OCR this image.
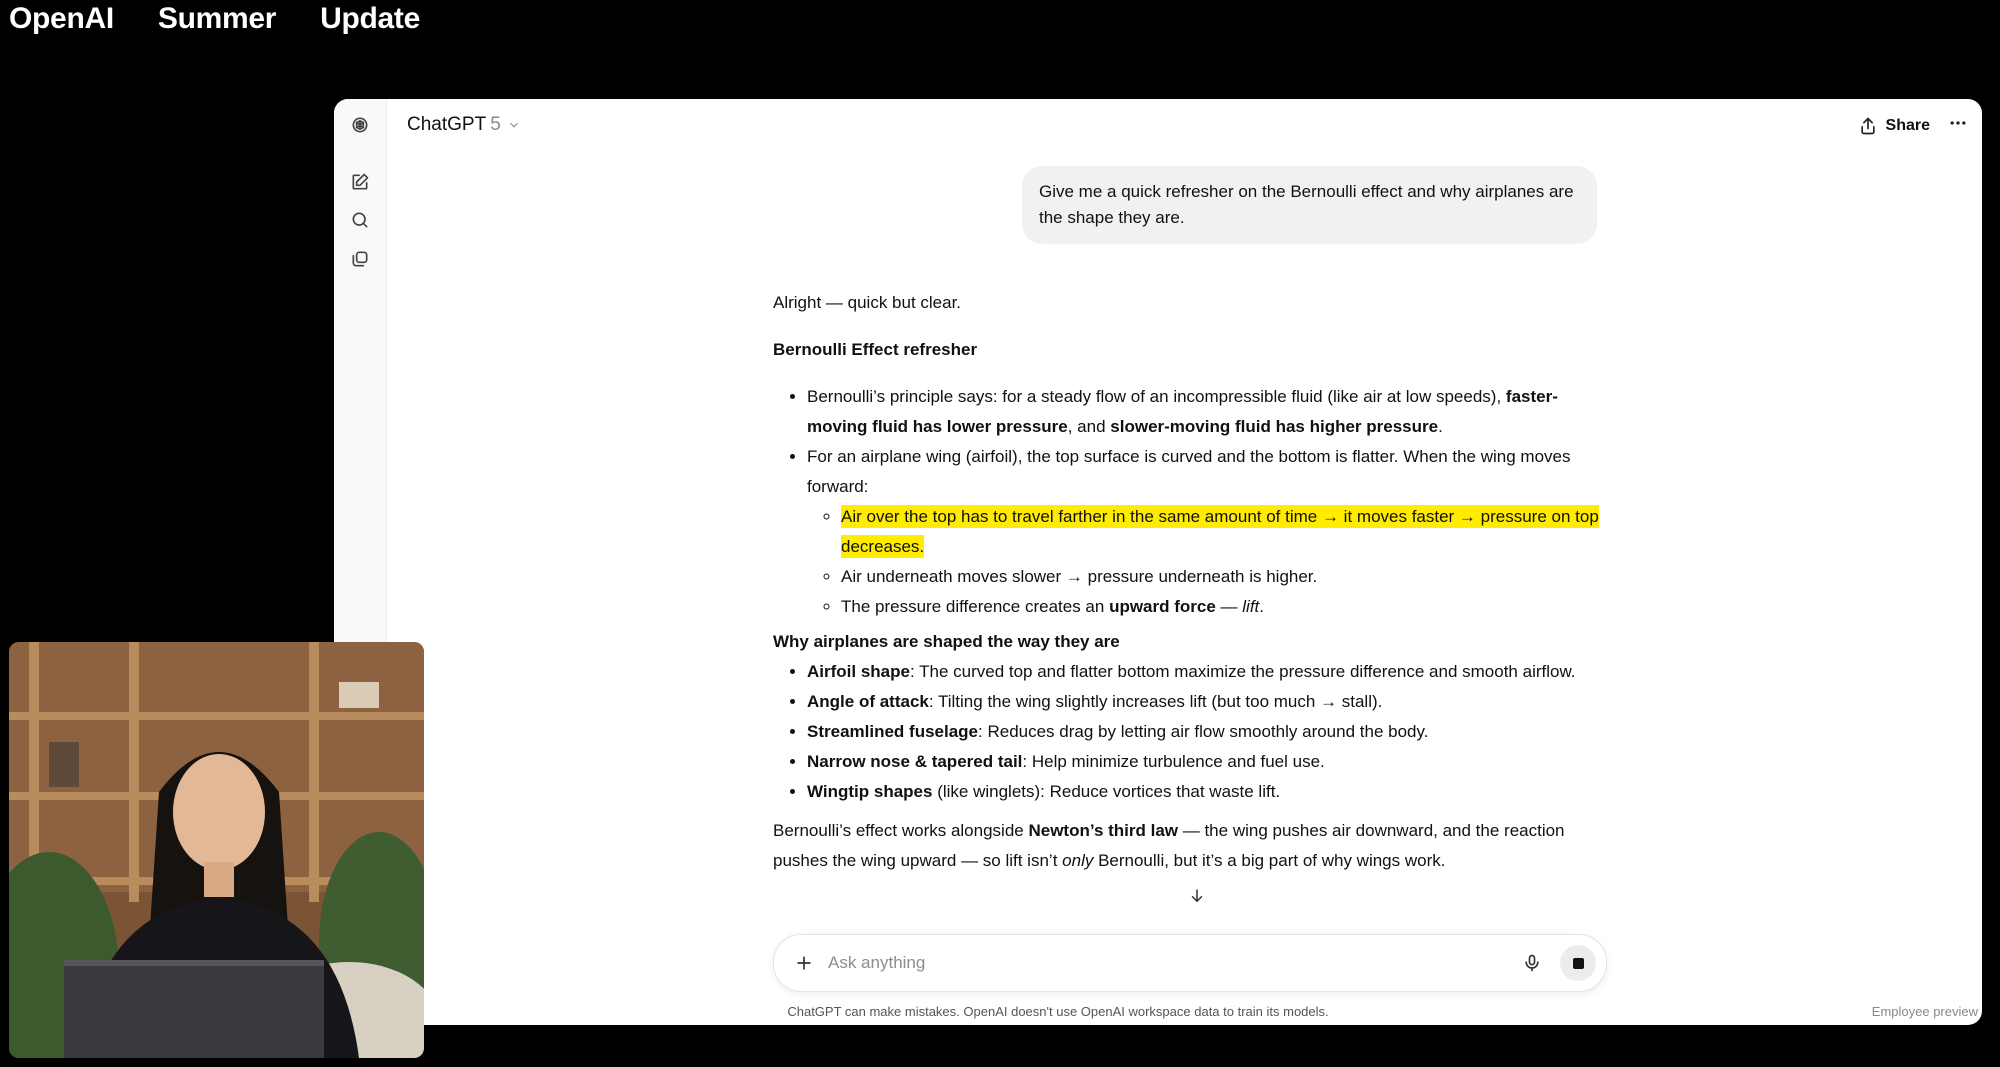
OpenAI Summer Update
ChatGPT 5	Share
Give me a quick refresher on the Bernoulli effect and why airplanes are the shape they are.

Alright — quick but clear.

Bernoulli Effect refresher
• Bernoulli’s principle says: for a steady flow of an incompressible fluid (like air at low speeds), faster-moving fluid has lower pressure, and slower-moving fluid has higher pressure.
• For an airplane wing (airfoil), the top surface is curved and the bottom is flatter. When the wing moves forward:
◦ Air over the top has to travel farther in the same amount of time → it moves faster → pressure on top decreases.
◦ Air underneath moves slower → pressure underneath is higher.
◦ The pressure difference creates an upward force — lift.
Why airplanes are shaped the way they are
• Airfoil shape: The curved top and flatter bottom maximize the pressure difference and smooth airflow.
• Angle of attack: Tilting the wing slightly increases lift (but too much → stall).
• Streamlined fuselage: Reduces drag by letting air flow smoothly around the body.
• Narrow nose & tapered tail: Help minimize turbulence and fuel use.
• Wingtip shapes (like winglets): Reduce vortices that waste lift.

Bernoulli’s effect works alongside Newton’s third law — the wing pushes air downward, and the reaction pushes the wing upward — so lift isn’t only Bernoulli, but it’s a big part of why wings work.

Ask anything
ChatGPT can make mistakes. OpenAI doesn't use OpenAI workspace data to train its models.	Employee preview
